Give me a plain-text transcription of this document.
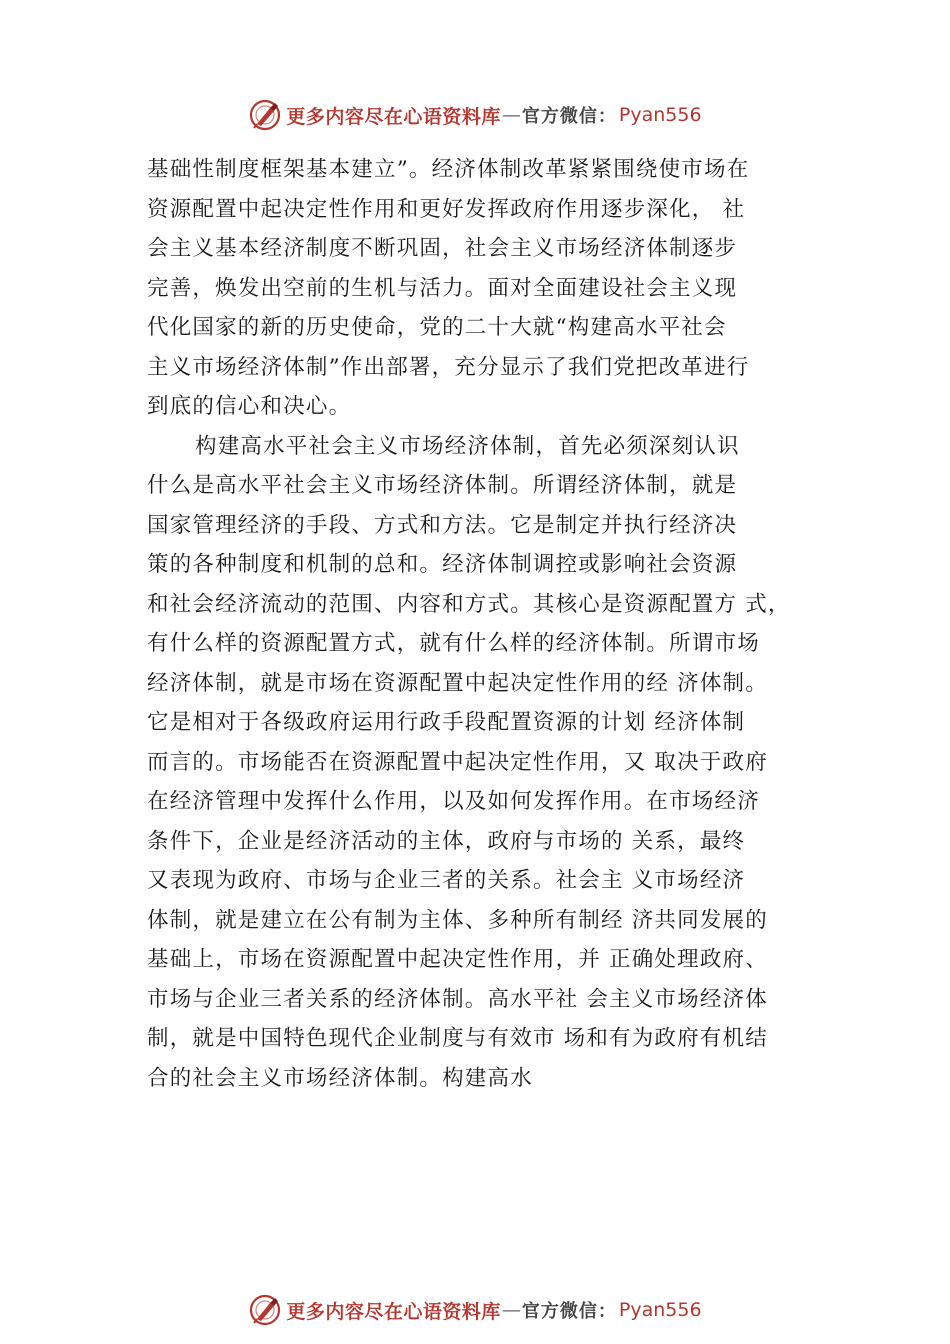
更多内容尽在心语资料库 — 官方微信： Pyan556
基础性制度框架基本建立”。经济体制改革紧紧围绕使市场在
资源配置中起决定性作用和更好发挥政府作用逐步深化， 社
会主义基本经济制度不断巩固，社会主义市场经济体制逐步
完善，焕发出空前的生机与活力。面对全面建设社会主义现
代化国家的新的历史使命，党的二十大就“构建高水平社会
主义市场经济体制”作出部署，充分显示了我们党把改革进行
到底的信心和决心。
构建高水平社会主义市场经济体制，首先必须深刻认识
什么是高水平社会主义市场经济体制。所谓经济体制，就是
国家管理经济的手段、方式和方法。它是制定并执行经济决
策的各种制度和机制的总和。经济体制调控或影响社会资源
和社会经济流动的范围、内容和方式。其核心是资源配置方 式，
有什么样的资源配置方式，就有什么样的经济体制。所谓市场
经济体制，就是市场在资源配置中起决定性作用的经 济体制。
它是相对于各级政府运用行政手段配置资源的计划 经济体制
而言的。市场能否在资源配置中起决定性作用，又 取决于政府
在经济管理中发挥什么作用，以及如何发挥作用。在市场经济
条件下，企业是经济活动的主体，政府与市场的 关系，最终
又表现为政府、市场与企业三者的关系。社会主 义市场经济
体制，就是建立在公有制为主体、多种所有制经 济共同发展的
基础上，市场在资源配置中起决定性作用，并 正确处理政府、
市场与企业三者关系的经济体制。高水平社 会主义市场经济体
制，就是中国特色现代企业制度与有效市 场和有为政府有机结
合的社会主义市场经济体制。构建高水
更多内容尽在心语资料库 — 官方微信： Pyan556
